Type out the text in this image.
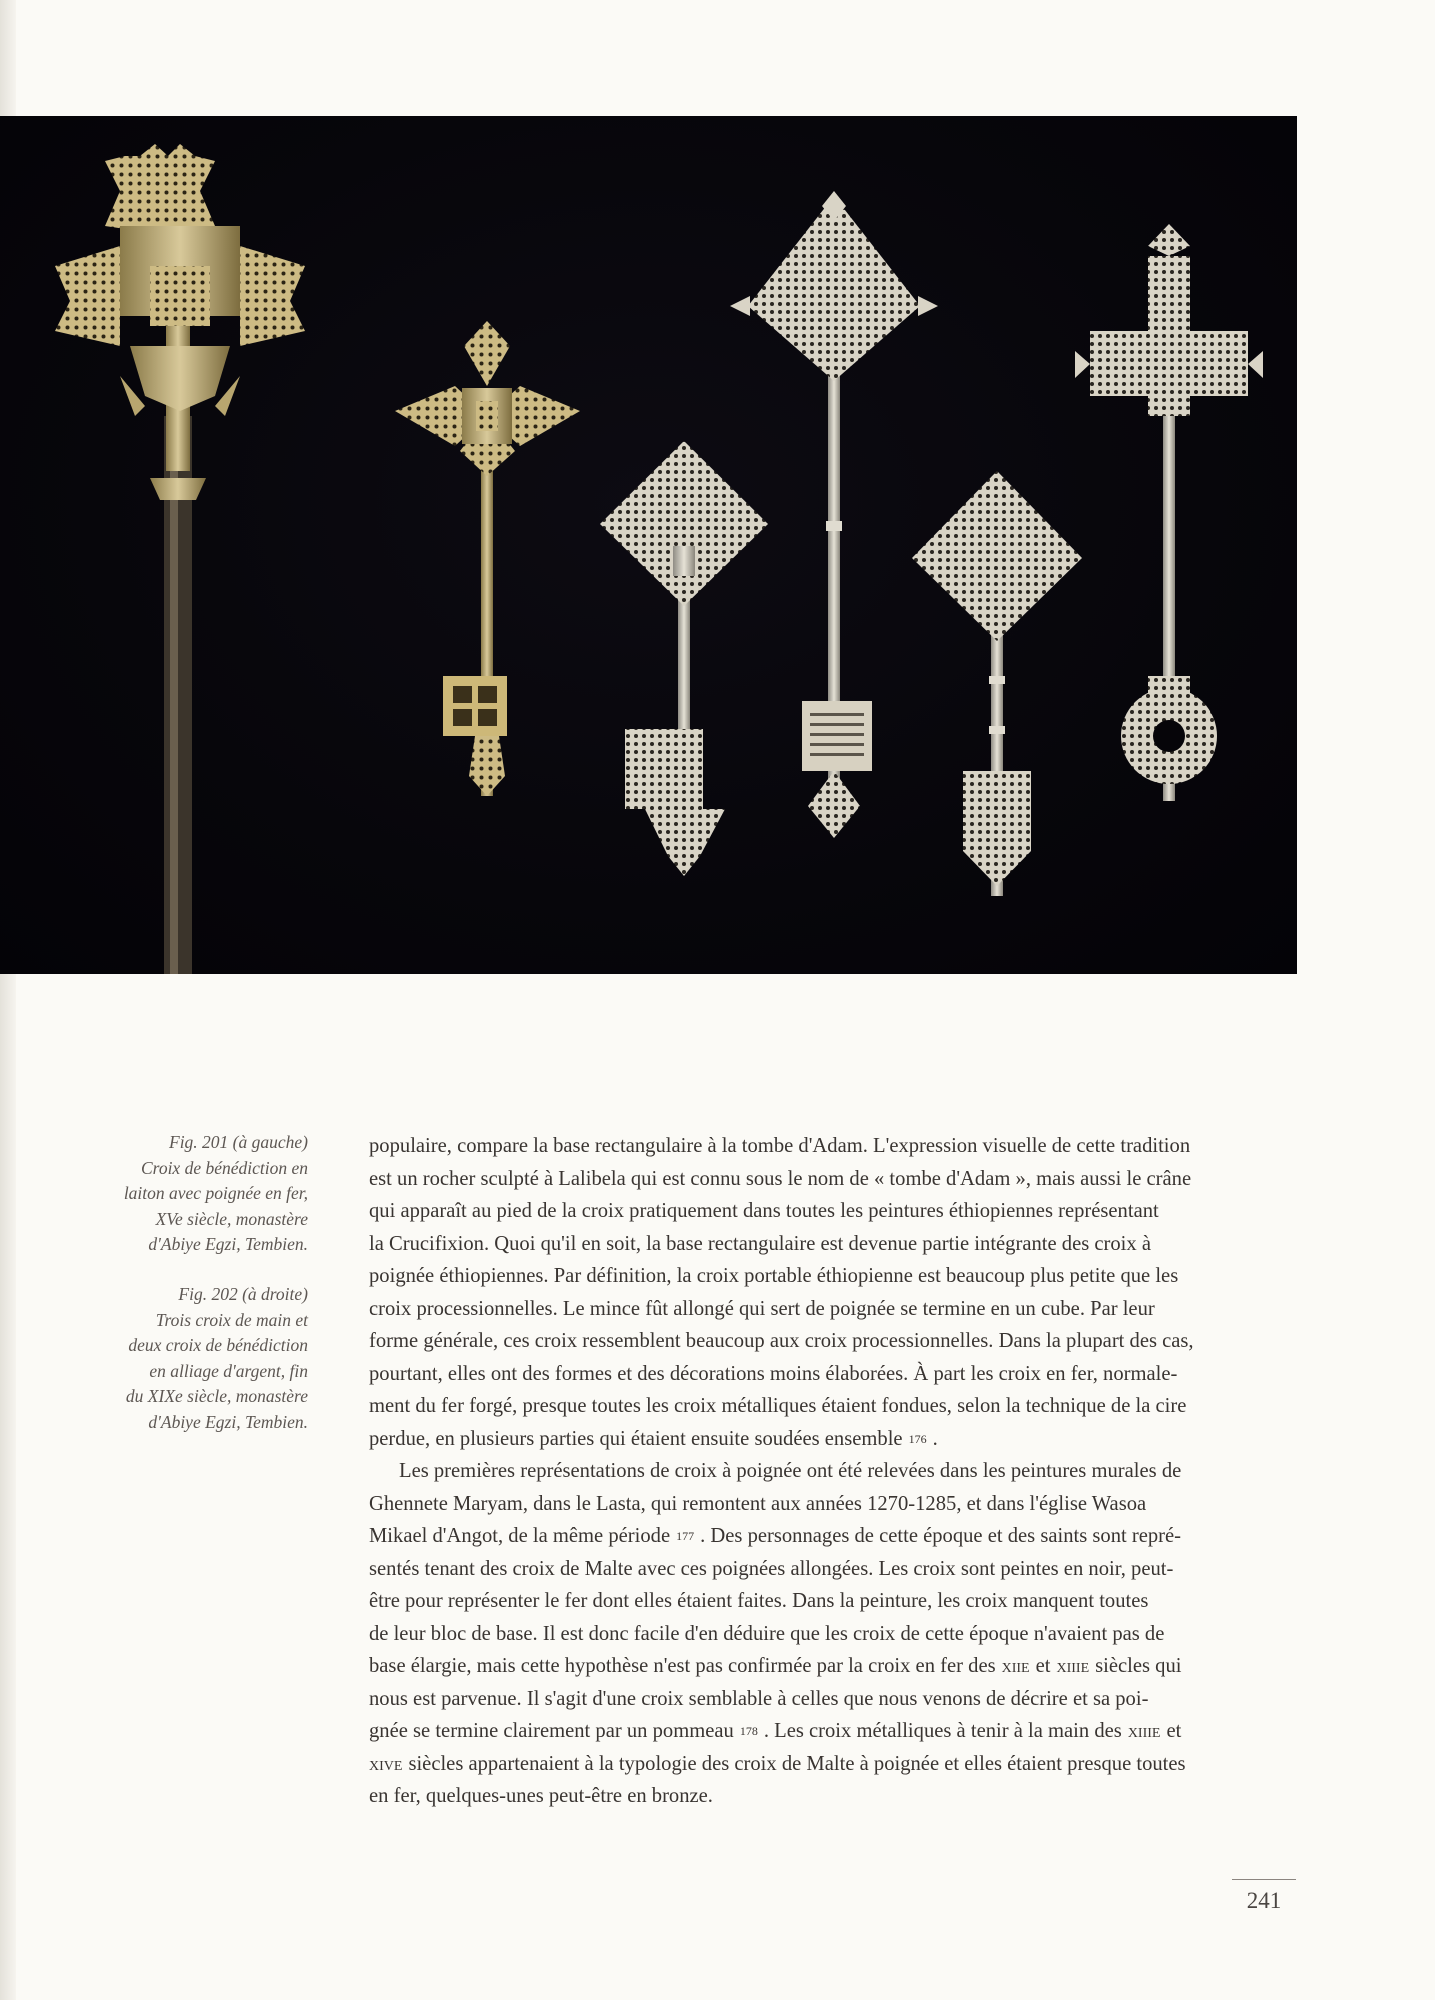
Fig. 201 (à gauche)
Croix de bénédiction en
laiton avec poignée en fer,
XVe siècle, monastère
d'Abiye Egzi, Tembien.
Fig. 202 (à droite)
Trois croix de main et
deux croix de bénédiction
en alliage d'argent, fin
du XIXe siècle, monastère
d'Abiye Egzi, Tembien.
populaire, compare la base rectangulaire à la tombe d'Adam. L'expression visuelle de cette tradition
est un rocher sculpté à Lalibela qui est connu sous le nom de « tombe d'Adam », mais aussi le crâne
qui apparaît au pied de la croix pratiquement dans toutes les peintures éthiopiennes représentant
la Crucifixion. Quoi qu'il en soit, la base rectangulaire est devenue partie intégrante des croix à
poignée éthiopiennes. Par définition, la croix portable éthiopienne est beaucoup plus petite que les
croix processionnelles. Le mince fût allongé qui sert de poignée se termine en un cube. Par leur
forme générale, ces croix ressemblent beaucoup aux croix processionnelles. Dans la plupart des cas,
pourtant, elles ont des formes et des décorations moins élaborées. À part les croix en fer, normale-
ment du fer forgé, presque toutes les croix métalliques étaient fondues, selon la technique de la cire
perdue, en plusieurs parties qui étaient ensuite soudées ensemble 176 .
Les premières représentations de croix à poignée ont été relevées dans les peintures murales de
Ghennete Maryam, dans le Lasta, qui remontent aux années 1270-1285, et dans l'église Wasoa
Mikael d'Angot, de la même période 177 . Des personnages de cette époque et des saints sont repré-
sentés tenant des croix de Malte avec ces poignées allongées. Les croix sont peintes en noir, peut-
être pour représenter le fer dont elles étaient faites. Dans la peinture, les croix manquent toutes
de leur bloc de base. Il est donc facile d'en déduire que les croix de cette époque n'avaient pas de
base élargie, mais cette hypothèse n'est pas confirmée par la croix en fer des xiie et xiiie siècles qui
nous est parvenue. Il s'agit d'une croix semblable à celles que nous venons de décrire et sa poi-
gnée se termine clairement par un pommeau 178 . Les croix métalliques à tenir à la main des xiiie et
xive siècles appartenaient à la typologie des croix de Malte à poignée et elles étaient presque toutes
en fer, quelques-unes peut-être en bronze.
241
